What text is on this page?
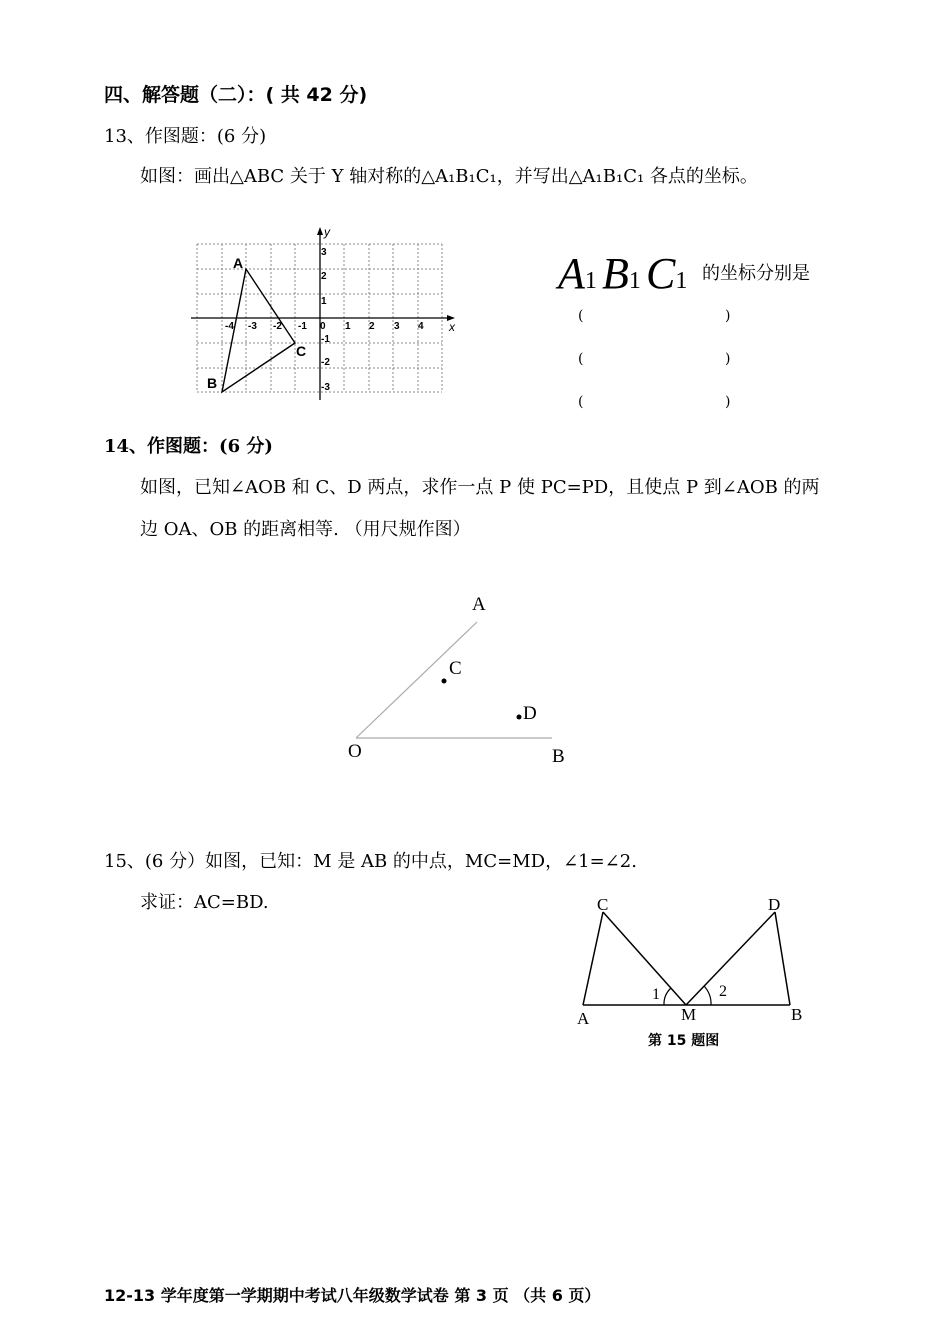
四、解答题（二）：( 共 42 分)
13、作图题：(6 分)
如图：画出△ABC 关于 Y 轴对称的△A₁B₁C₁，并写出△A₁B₁C₁ 各点的坐标。
x
y
-4 -3 -2 -1 0 1 2 3 4
3
2
1
-1
-2
-3
A
B
C
A1 B1 C1 的坐标分别是
(	)
(	)
(	)
14、作图题：(6 分)
如图，已知∠AOB 和 C、D 两点，求作一点 P 使 PC=PD，且使点 P 到∠AOB 的两
边 OA、OB 的距离相等. （用尺规作图）
A
O	B
C
D
15、(6 分）如图，已知：M 是 AB 的中点，MC=MD，∠1=∠2.
求证：AC=BD.	C	D
A	M	B
1	2
第 15 题图
12-13 学年度第一学期期中考试八年级数学试卷 第 3 页 （共 6 页）
